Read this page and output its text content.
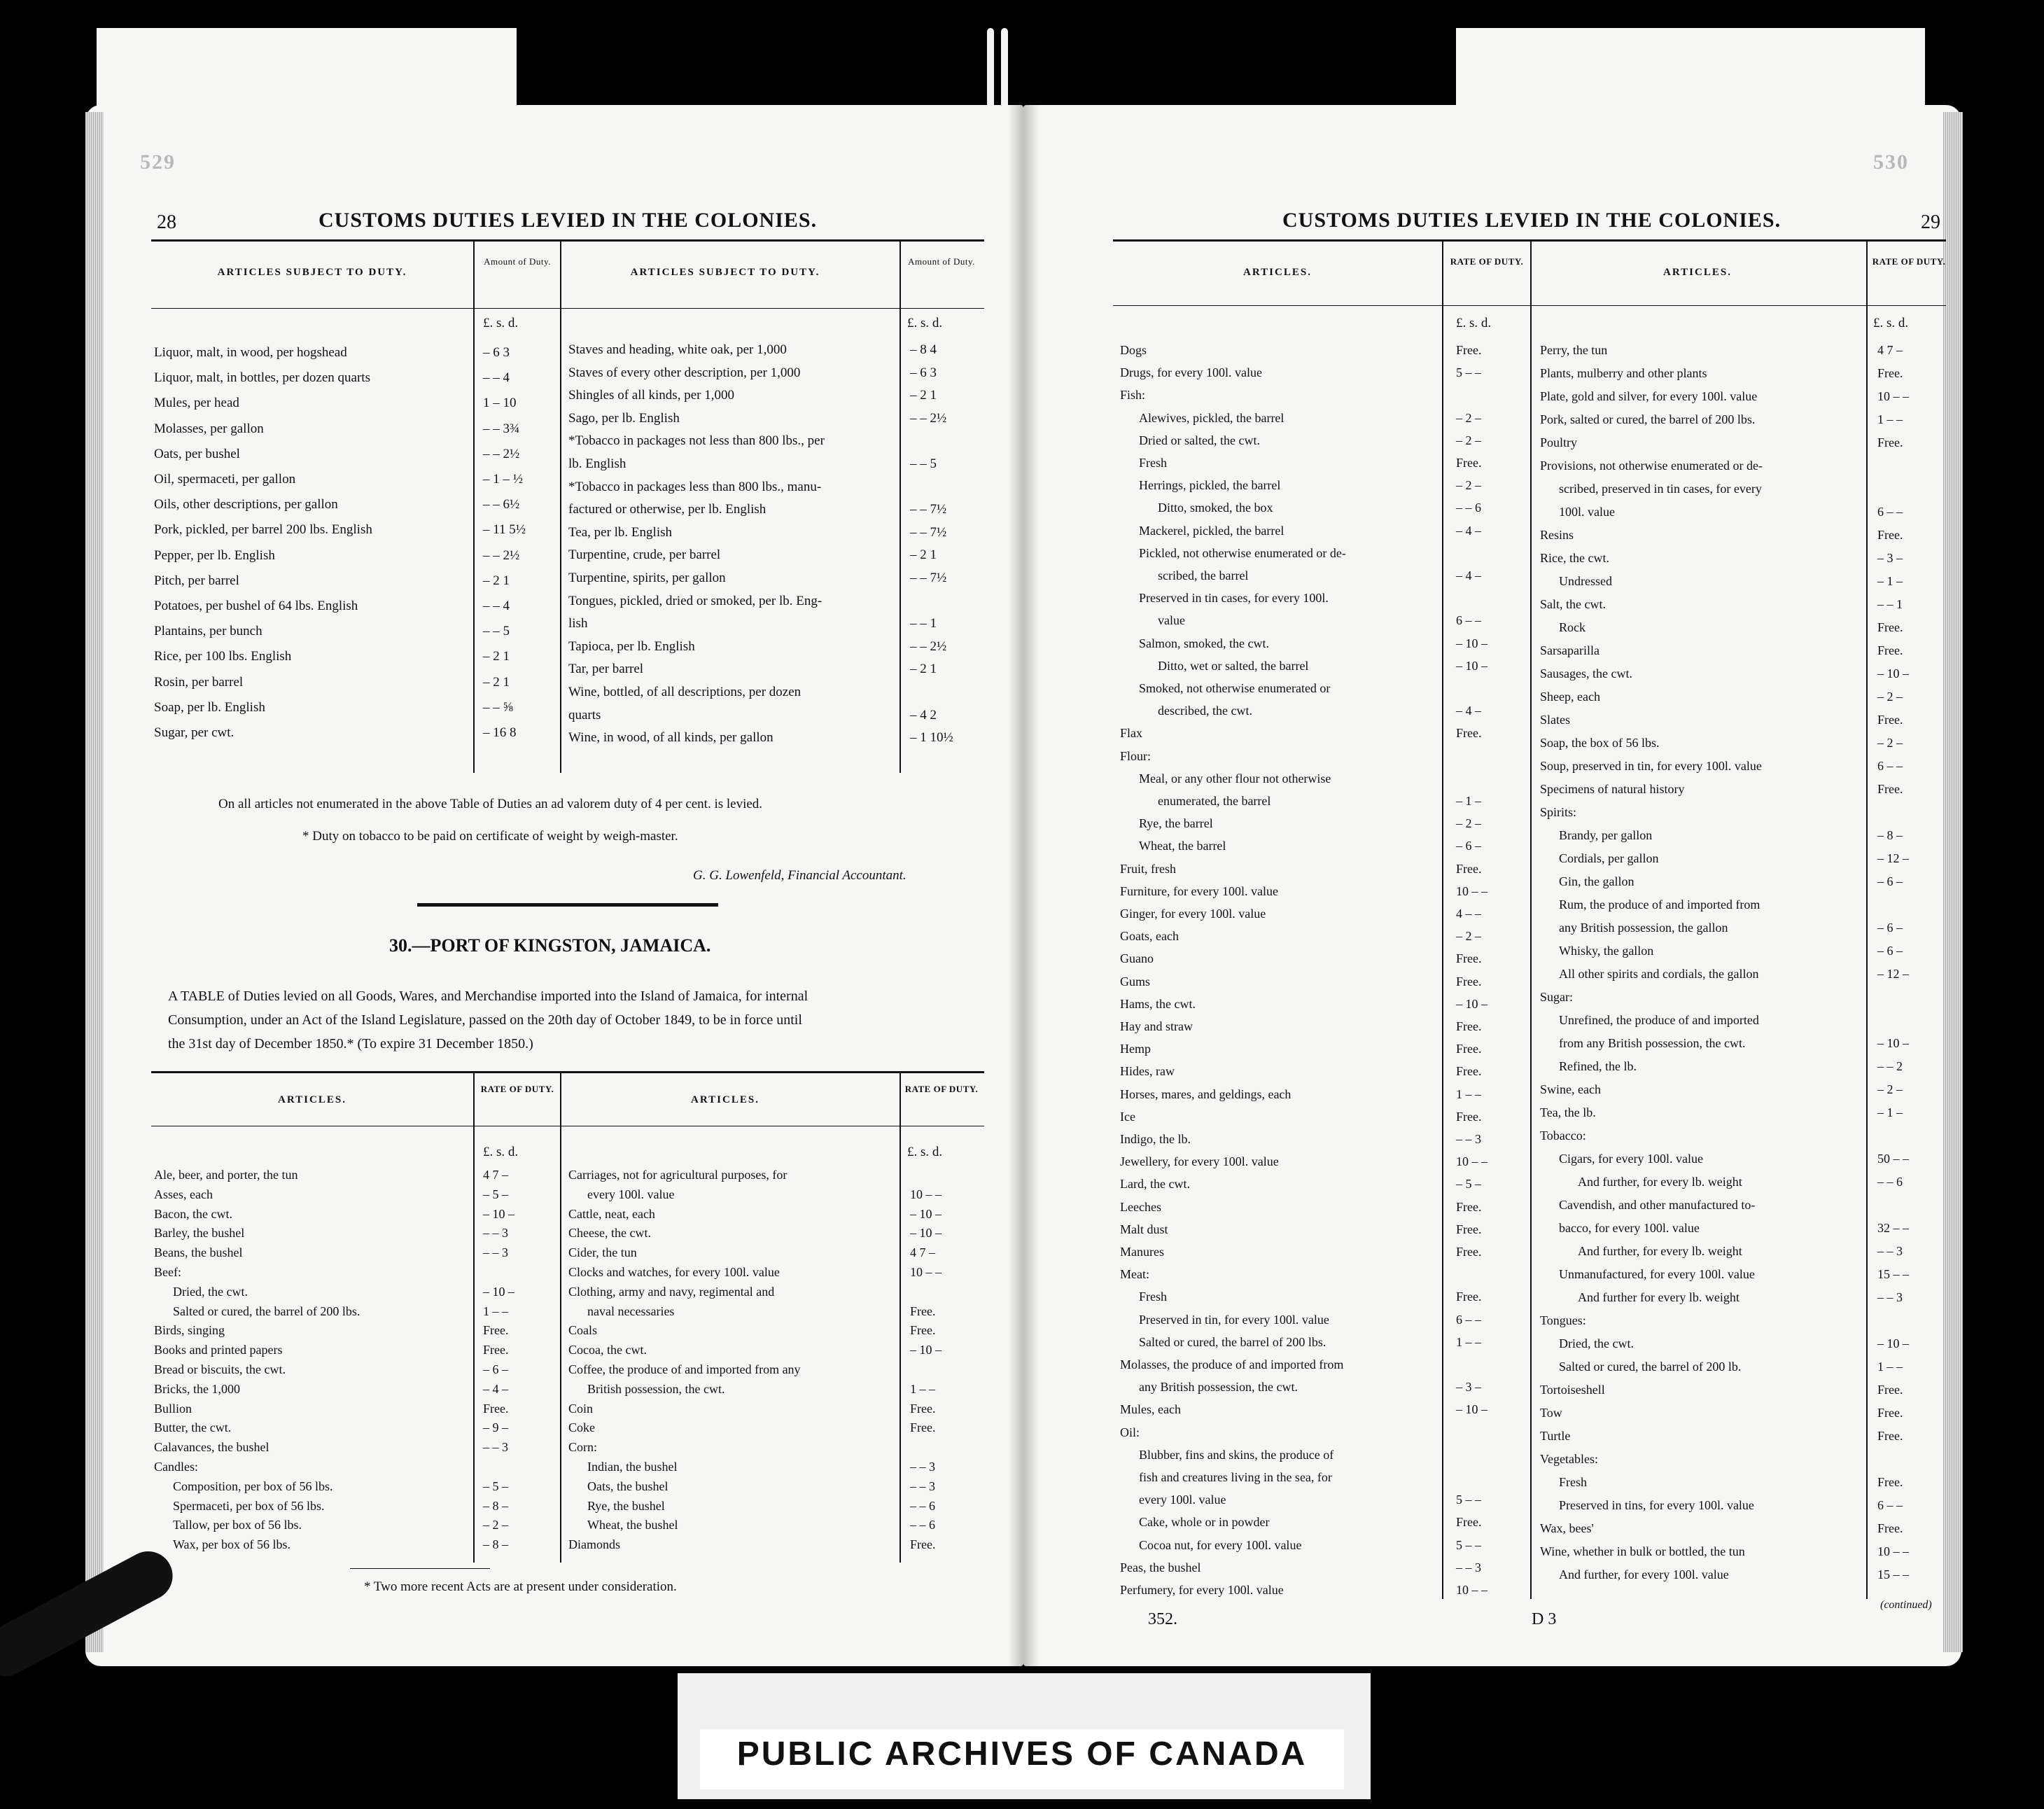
529
28	CUSTOMS DUTIES LEVIED IN THE COLONIES.
ARTICLES SUBJECT TO DUTY.
Amount of Duty.
ARTICLES SUBJECT TO DUTY.
Amount of Duty.
£. s. d.	£. s. d.
Liquor, malt, in wood, per hogshead	– 6 3
Liquor, malt, in bottles, per dozen quarts	– – 4
Mules, per head	1 – 10
Molasses, per gallon	– – 3¾
Oats, per bushel	– – 2½
Oil, spermaceti, per gallon	– 1 – ½
Oils, other descriptions, per gallon	– – 6½
Pork, pickled, per barrel 200 lbs. English	– 11 5½
Pepper, per lb. English	– – 2½
Pitch, per barrel	– 2 1
Potatoes, per bushel of 64 lbs. English	– – 4
Plantains, per bunch	– – 5
Rice, per 100 lbs. English	– 2 1
Rosin, per barrel	– 2 1
Soap, per lb. English	– – ⅝
Sugar, per cwt.	– 16 8
Staves and heading, white oak, per 1,000	– 8 4
Staves of every other description, per 1,000	– 6 3
Shingles of all kinds, per 1,000	– 2 1
Sago, per lb. English	– – 2½
*Tobacco in packages not less than 800 lbs., per
lb. English	– – 5
*Tobacco in packages less than 800 lbs., manu-
factured or otherwise, per lb. English	– – 7½
Tea, per lb. English	– – 7½
Turpentine, crude, per barrel	– 2 1
Turpentine, spirits, per gallon	– – 7½
Tongues, pickled, dried or smoked, per lb. Eng-
lish	– – 1
Tapioca, per lb. English	– – 2½
Tar, per barrel	– 2 1
Wine, bottled, of all descriptions, per dozen
quarts	– 4 2
Wine, in wood, of all kinds, per gallon	– 1 10½
On all articles not enumerated in the above Table of Duties an ad valorem duty of 4 per cent. is levied.
* Duty on tobacco to be paid on certificate of weight by weigh-master.
G. G. Lowenfeld, Financial Accountant.
30.—PORT OF KINGSTON, JAMAICA.
A TABLE of Duties levied on all Goods, Wares, and Merchandise imported into the Island of Jamaica, for internal
Consumption, under an Act of the Island Legislature, passed on the 20th day of October 1849, to be in force until
the 31st day of December 1850.* (To expire 31 December 1850.)
ARTICLES.
RATE OF DUTY.
ARTICLES.
RATE OF DUTY.
£. s. d.	£. s. d.
Ale, beer, and porter, the tun	4 7 –
Asses, each	– 5 –
Bacon, the cwt.	– 10 –
Barley, the bushel	– – 3
Beans, the bushel	– – 3
Beef:
Dried, the cwt.	– 10 –
Salted or cured, the barrel of 200 lbs.	1 – –
Birds, singing	Free.
Books and printed papers	Free.
Bread or biscuits, the cwt.	– 6 –
Bricks, the 1,000	– 4 –
Bullion	Free.
Butter, the cwt.	– 9 –
Calavances, the bushel	– – 3
Candles:
Composition, per box of 56 lbs.	– 5 –
Spermaceti, per box of 56 lbs.	– 8 –
Tallow, per box of 56 lbs.	– 2 –
Wax, per box of 56 lbs.	– 8 –
Carriages, not for agricultural purposes, for
every 100l. value	10 – –
Cattle, neat, each	– 10 –
Cheese, the cwt.	– 10 –
Cider, the tun	4 7 –
Clocks and watches, for every 100l. value	10 – –
Clothing, army and navy, regimental and
naval necessaries	Free.
Coals	Free.
Cocoa, the cwt.	– 10 –
Coffee, the produce of and imported from any
British possession, the cwt.	1 – –
Coin	Free.
Coke	Free.
Corn:
Indian, the bushel	– – 3
Oats, the bushel	– – 3
Rye, the bushel	– – 6
Wheat, the bushel	– – 6
Diamonds	Free.
* Two more recent Acts are at present under consideration.
530
CUSTOMS DUTIES LEVIED IN THE COLONIES.	29
ARTICLES.
RATE OF DUTY.
ARTICLES.
RATE OF DUTY.
£. s. d.	£. s. d.
Dogs	Free.
Drugs, for every 100l. value	5 – –
Fish:
Alewives, pickled, the barrel	– 2 –
Dried or salted, the cwt.	– 2 –
Fresh	Free.
Herrings, pickled, the barrel	– 2 –
Ditto, smoked, the box	– – 6
Mackerel, pickled, the barrel	– 4 –
Pickled, not otherwise enumerated or de-
scribed, the barrel	– 4 –
Preserved in tin cases, for every 100l.
value	6 – –
Salmon, smoked, the cwt.	– 10 –
Ditto, wet or salted, the barrel	– 10 –
Smoked, not otherwise enumerated or
described, the cwt.	– 4 –
Flax	Free.
Flour:
Meal, or any other flour not otherwise
enumerated, the barrel	– 1 –
Rye, the barrel	– 2 –
Wheat, the barrel	– 6 –
Fruit, fresh	Free.
Furniture, for every 100l. value	10 – –
Ginger, for every 100l. value	4 – –
Goats, each	– 2 –
Guano	Free.
Gums	Free.
Hams, the cwt.	– 10 –
Hay and straw	Free.
Hemp	Free.
Hides, raw	Free.
Horses, mares, and geldings, each	1 – –
Ice	Free.
Indigo, the lb.	– – 3
Jewellery, for every 100l. value	10 – –
Lard, the cwt.	– 5 –
Leeches	Free.
Malt dust	Free.
Manures	Free.
Meat:
Fresh	Free.
Preserved in tin, for every 100l. value	6 – –
Salted or cured, the barrel of 200 lbs.	1 – –
Molasses, the produce of and imported from
any British possession, the cwt.	– 3 –
Mules, each	– 10 –
Oil:
Blubber, fins and skins, the produce of
fish and creatures living in the sea, for
every 100l. value	5 – –
Cake, whole or in powder	Free.
Cocoa nut, for every 100l. value	5 – –
Peas, the bushel	– – 3
Perfumery, for every 100l. value	10 – –
Perry, the tun	4 7 –
Plants, mulberry and other plants	Free.
Plate, gold and silver, for every 100l. value	10 – –
Pork, salted or cured, the barrel of 200 lbs.	1 – –
Poultry	Free.
Provisions, not otherwise enumerated or de-
scribed, preserved in tin cases, for every
100l. value	6 – –
Resins	Free.
Rice, the cwt.	– 3 –
Undressed	– 1 –
Salt, the cwt.	– – 1
Rock	Free.
Sarsaparilla	Free.
Sausages, the cwt.	– 10 –
Sheep, each	– 2 –
Slates	Free.
Soap, the box of 56 lbs.	– 2 –
Soup, preserved in tin, for every 100l. value	6 – –
Specimens of natural history	Free.
Spirits:
Brandy, per gallon	– 8 –
Cordials, per gallon	– 12 –
Gin, the gallon	– 6 –
Rum, the produce of and imported from
any British possession, the gallon	– 6 –
Whisky, the gallon	– 6 –
All other spirits and cordials, the gallon	– 12 –
Sugar:
Unrefined, the produce of and imported
from any British possession, the cwt.	– 10 –
Refined, the lb.	– – 2
Swine, each	– 2 –
Tea, the lb.	– 1 –
Tobacco:
Cigars, for every 100l. value	50 – –
And further, for every lb. weight	– – 6
Cavendish, and other manufactured to-
bacco, for every 100l. value	32 – –
And further, for every lb. weight	– – 3
Unmanufactured, for every 100l. value	15 – –
And further for every lb. weight	– – 3
Tongues:
Dried, the cwt.	– 10 –
Salted or cured, the barrel of 200 lb.	1 – –
Tortoiseshell	Free.
Tow	Free.
Turtle	Free.
Vegetables:
Fresh	Free.
Preserved in tins, for every 100l. value	6 – –
Wax, bees'	Free.
Wine, whether in bulk or bottled, the tun	10 – –
And further, for every 100l. value	15 – –
(continued)
352.	D 3
PUBLIC ARCHIVES OF CANADA
